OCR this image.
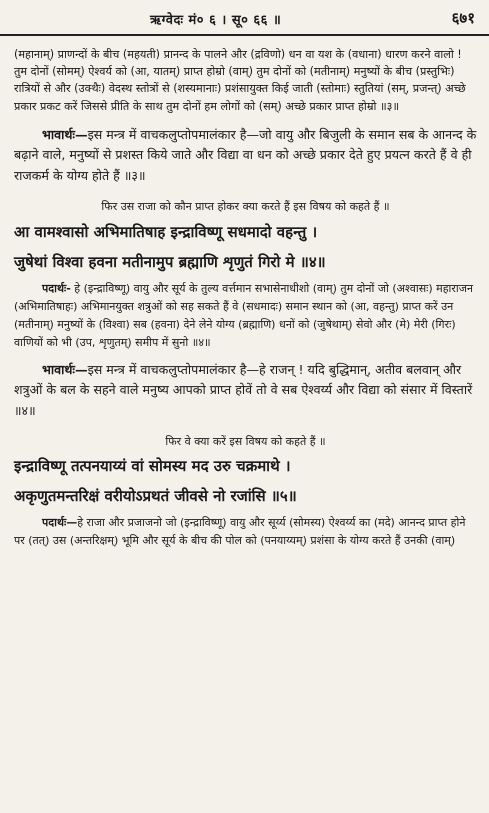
ऋग्वेदः मं० ६ । सू० ६६ ॥	६७१

(महानाम्) प्राणन्दों के बीच (महयती) प्रानन्द के पालने और (द्रविणो) धन वा यश के (वधाना) धारण करने वालो ! तुम दोनों (सोमम्) ऐश्वर्य को (आ, यातम्) प्राप्त होम्रो (वाम्) तुम दोनों को (मतीनाम्) मनुष्यों के बीच (प्रस्तुभिः) रात्रियों से और (उक्थैः) वेदस्थ स्तोत्रों से (शस्यमानाः) प्रशंसायुक्त किई जाती (स्तोमाः) स्तुतियां (सम्, प्रजन्त्) अच्छे प्रकार प्रकट करें जिससे प्रीति के साथ तुम दोनों हम लोगों को (सम्) अच्छे प्रकार प्राप्त होम्रो ॥३॥

भावार्थः—इस मन्त्र में वाचकलुप्तोपमालंकार है—जो वायु और बिजुली के समान सब के आनन्द के बढ़ाने वाले, मनुष्यों से प्रशस्त किये जाते और विद्या वा धन को अच्छे प्रकार देते हुए प्रयत्न करते हैं वे ही राजकर्म के योग्य होते हैं ॥३॥

फिर उस राजा को कौन प्राप्त होकर क्या करते हैं इस विषय को कहते हैं ॥

आ वामश्वासो अभिमातिषाह इन्द्राविष्णू सधमादो वहन्तु ।

जुषेथां विश्वा हवना मतीनामुप ब्रह्माणि शृणुतं गिरो मे ॥४॥

पदार्थः- हे (इन्द्राविष्णू) वायु और सूर्य के तुल्य वर्त्तमान सभासेनाधीशो (वाम्) तुम दोनों जो (अश्वासः) महाराजन (अभिमातिषाहः) अभिमानयुक्त शत्रुओं को सह सकते हैं वे (सधमादः) समान स्थान को (आ, वहन्तु) प्राप्त करें उन (मतीनाम्) मनुष्यों के (विश्वा) सब (हवना) देने लेने योग्य (ब्रह्माणि) धनों को (जुषेथाम्) सेवो और (मे) मेरी (गिरः) वाणियों को भी (उप, शृणुतम्) समीप में सुनो ॥४॥

भावार्थः—इस मन्त्र में वाचकलुप्तोपमालंकार है—हे राजन् ! यदि बुद्धिमान्, अतीव बलवान् और शत्रुओं के बल के सहने वाले मनुष्य आपको प्राप्त होवें तो वे सब ऐश्वर्य्य और विद्या को संसार में विस्तारें ॥४॥

फिर वे क्या करें इस विषय को कहते हैं ॥

इन्द्राविष्णू तत्पनयाय्यं वां सोमस्य मद उरु चक्रमाथे ।

अकृणुतमन्तरिक्षं वरीयोऽप्रथतं जीवसे नो रजांसि ॥५॥

पदार्थः—हे राजा और प्रजाजनो जो (इन्द्राविष्णू) वायु और सूर्य्य (सोमस्य) ऐश्वर्य्य का (मदे) आनन्द प्राप्त होने पर (तत्) उस (अन्तरिक्षम्) भूमि और सूर्य के बीच की पोल को (पनयाय्यम्) प्रशंसा के योग्य करते हैं उनकी (वाम्)
